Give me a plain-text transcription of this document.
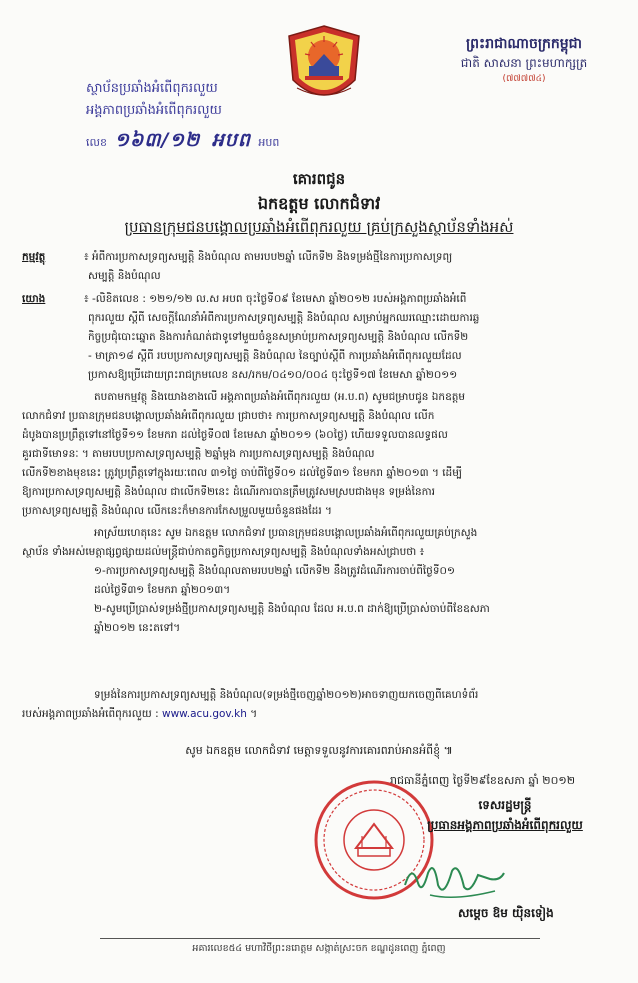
ព្រះរាជាណាចក្រកម្ពុជា
ជាតិ សាសនា ព្រះមហាក្សត្រ
(៧៧៧៧៤)
ស្ថាប័នប្រឆាំងអំពើពុករលួយ
អង្គភាពប្រឆាំងអំពើពុករលួយ
លេខ ១៦៣/១២ អបព អបព
គោរពជូន
ឯកឧត្តម លោកជំទាវ
ប្រធានក្រុមជនបង្គោលប្រឆាំងអំពើពុករលួយ គ្រប់ក្រសួងស្ថាប័នទាំងអស់
កម្មវត្ថុ	៖ អំពីការប្រកាសទ្រព្យសម្បត្តិ និងបំណុល តាមរបប២ឆ្នាំ លើកទី២ និងទម្រង់ថ្មីនៃការប្រកាសទ្រព្យ
សម្បត្តិ និងបំណុល
យោង	៖ -លិខិតលេខ : ១២១/១២ ល.ស អបព ចុះថ្ងៃទី០៩ ខែមេសា ឆ្នាំ២០១២ របស់អង្គភាពប្រឆាំងអំពើ
ពុករលួយ ស្តីពី សេចក្តីណែនាំអំពីការប្រកាសទ្រព្យសម្បត្តិ និងបំណុល សម្រាប់អ្នកឈរឈ្មោះដោយការឆ្ល
កិច្ចប្រជុំបោះឆ្នោត និងការកំណត់ជាទូទៅមួយចំនួនសម្រាប់ប្រកាសទ្រព្យសម្បត្តិ និងបំណុល លើកទី២
- មាត្រា១៨ ស្តីពី របបប្រកាសទ្រព្យសម្បត្តិ និងបំណុល នៃច្បាប់ស្តីពី ការប្រឆាំងអំពើពុករលួយដែល
ប្រកាសឱ្យប្រើដោយព្រះរាជក្រមលេខ នស/រកម/០៤១០/០០៤ ចុះថ្ងៃទី១៧ ខែមេសា ឆ្នាំ២០១១
តបតាមកម្មវត្ថុ និងយោងខាងលើ អង្គភាពប្រឆាំងអំពើពុករលួយ (អ.ប.ព) សូមជម្រាបជូន ឯកឧត្តម
លោកជំទាវ ប្រធានក្រុមជនបង្គោលប្រឆាំងអំពើពុករលួយ ជ្រាបថា៖ ការប្រកាសទ្រព្យសម្បត្តិ និងបំណុល លើក
ដំបូងបានប្រព្រឹត្តទៅនៅថ្ងៃទី១១ ខែមករា ដល់ថ្ងៃទី០៧ ខែមេសា ឆ្នាំ២០១១ (៦០ថ្ងៃ) ហើយទទួលបានលទ្ធផល
គួរជាទីមោទនៈ ។ តាមរបបប្រកាសទ្រព្យសម្បត្តិ ២ឆ្នាំម្តង ការប្រកាសទ្រព្យសម្បត្តិ និងបំណុល
លើកទី២ខាងមុខនេះ ត្រូវប្រព្រឹត្តទៅក្នុងរយៈពេល ៣១ថ្ងៃ ចាប់ពីថ្ងៃទី០១ ដល់ថ្ងៃទី៣១ ខែមករា ឆ្នាំ២០១៣ ។ ដើម្បី
ឱ្យការប្រកាសទ្រព្យសម្បត្តិ និងបំណុល ជាលើកទី២នេះ ដំណើរការបានត្រឹមត្រូវសមស្របជាងមុន ទម្រង់នៃការ
ប្រកាសទ្រព្យសម្បត្តិ និងបំណុល លើកនេះក៏មានការកែសម្រួលមួយចំនួនផងដែរ ។
អាស្រ័យហេតុនេះ សូម ឯកឧត្តម លោកជំទាវ ប្រធានក្រុមជនបង្គោលប្រឆាំងអំពើពុករលួយគ្រប់ក្រសួង
ស្ថាប័ន ទាំងអស់មេត្តាផ្សព្វផ្សាយដល់មន្ត្រីជាប់កាតព្វកិច្ចប្រកាសទ្រព្យសម្បត្តិ និងបំណុលទាំងអស់ជ្រាបថា ៖
១-ការប្រកាសទ្រព្យសម្បត្តិ និងបំណុលតាមរបប២ឆ្នាំ លើកទី២ នឹងត្រូវដំណើរការចាប់ពីថ្ងៃទី០១
ដល់ថ្ងៃទី៣១ ខែមករា ឆ្នាំ២០១៣។
២-សូមប្រើប្រាស់ទម្រង់ថ្មីប្រកាសទ្រព្យសម្បត្តិ និងបំណុល ដែល អ.ប.ព ដាក់ឱ្យប្រើប្រាស់ចាប់ពីខែឧសភា
ឆ្នាំ២០១២ នេះតទៅ។
ទម្រង់នៃការប្រកាសទ្រព្យសម្បត្តិ និងបំណុល(ទម្រង់ថ្មីចេញឆ្នាំ២០១២)អាចទាញយកចេញពីគេហទំព័រ
របស់អង្គភាពប្រឆាំងអំពើពុករលួយ : www.acu.gov.kh ។
សូម ឯកឧត្តម លោកជំទាវ មេត្តាទទួលនូវការគោរពរាប់អានអំពីខ្ញុំ ៕
រាជធានីភ្នំពេញ ថ្ងៃទី២៩ខែឧសភា ឆ្នាំ ២០១២
ទេសរដ្ឋមន្ត្រី
ប្រធានអង្គភាពប្រឆាំងអំពើពុករលួយ
សម្តេច ឱម យ៉ិនទៀង
អគារលេខ៥៤ មហាវិថីព្រះនរោត្តម សង្កាត់ស្រះចក ខណ្ឌដូនពេញ ភ្នំពេញ
